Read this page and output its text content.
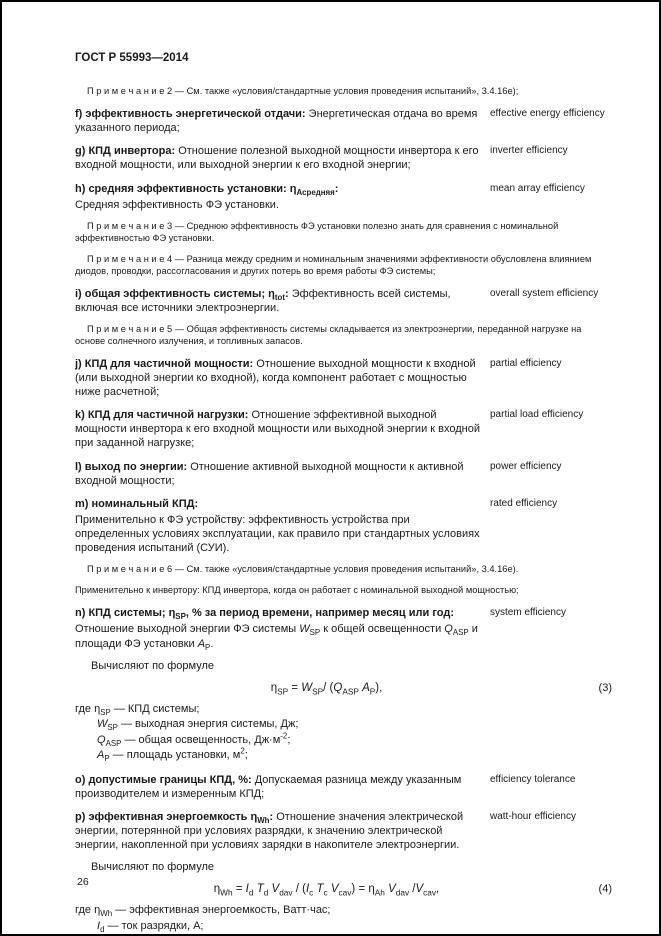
ГОСТ Р 55993—2014

П р и м е ч а н и е 2 — См. также «условия/стандартные условия проведения испытаний», 3.4.16е);

f) эффективность энергетической отдачи: Энергетическая отдача во время указанного периода;
effective energy efficiency
g) КПД инвертора: Отношение полезной выходной мощности инвертора к его входной мощности, или выходной энергии к его входной энергии;
inverter efficiency
h) средняя эффективность установки: $\eta_{Асредняя}$:
Средняя эффективность ФЭ установки.
mean array efficiency

П р и м е ч а н и е 3 — Среднюю эффективность ФЭ установки полезно знать для сравнения с номинальной эффективностью ФЭ установки.

П р и м е ч а н и е 4 — Разница между средним и номинальным значениями эффективности обусловлена влиянием диодов, проводки, рассогласования и других потерь во время работы ФЭ системы;

i) общая эффективность системы; $\eta_{tot}$: Эффективность всей системы, включая все источники электроэнергии.
overall system efficiency

П р и м е ч а н и е 5 — Общая эффективность системы складывается из электроэнергии, переданной нагрузке на основе солнечного излучения, и топливных запасов.

j) КПД для частичной мощности: Отношение выходной мощности к входной (или выходной энергии ко входной), когда компонент работает с мощностью ниже расчетной;
partial efficiency
k) КПД для частичной нагрузки: Отношение эффективной выходной мощности инвертора к его входной мощности или выходной энергии к входной при заданной нагрузке;
partial load efficiency
l) выход по энергии: Отношение активной выходной мощности к активной входной мощности;
power efficiency
m) номинальный КПД:
Применительно к ФЭ устройству: эффективность устройства при определенных условиях эксплуатации, как правило при стандартных условиях проведения испытаний (СУИ).
rated efficiency

П р и м е ч а н и е 6 — См. также «условия/стандартные условия проведения испытаний», 3.4.16е).

Применительно к инвертору: КПД инвертора, когда он работает с номинальной выходной мощностью;

n) КПД системы; $\eta_{SP}$, % за период времени, например месяц или год:
Отношение выходной энергии ФЭ системы $W_{SP}$ к общей освещенности $Q_{ASP}$ и площади ФЭ установки $A_P$.
system efficiency
Вычисляют по формуле
$\eta_{SP} = W_{SP}/$ ($Q_{ASP}$ $A_P$),	(3)
где $\eta_{SP}$ — КПД системы;
$W_{SP}$ — выходная энергия системы, Дж;
$Q_{ASP}$ — общая освещенность, $Дж\cdot м^{-2}$;
$A_Р$ — площадь установки, $м^2$;
o) допустимые границы КПД, %: Допускаемая разница между указанным производителем и измеренным КПД;
efficiency tolerance
p) эффективная энергоемкость $\eta_{Wh}$: Отношение значения электрической энергии, потерянной при условиях разрядки, к значению электрической энергии, накопленной при условиях зарядки в накопителе электроэнергии.
watt-hour efficiency
Вычисляют по формуле
$\eta_{Wh} = I_d$ $T_d$ $V_{dav} / (I_c$ $T_c$ $V_{cav}) = \eta_{Ah}$ $V_{dav}$ $/V_{cav}$,	(4)
где $\eta_{Wh}$ — эффективная энергоемкость, Ватт·час;
$I_d$ — ток разрядки, А;
26
